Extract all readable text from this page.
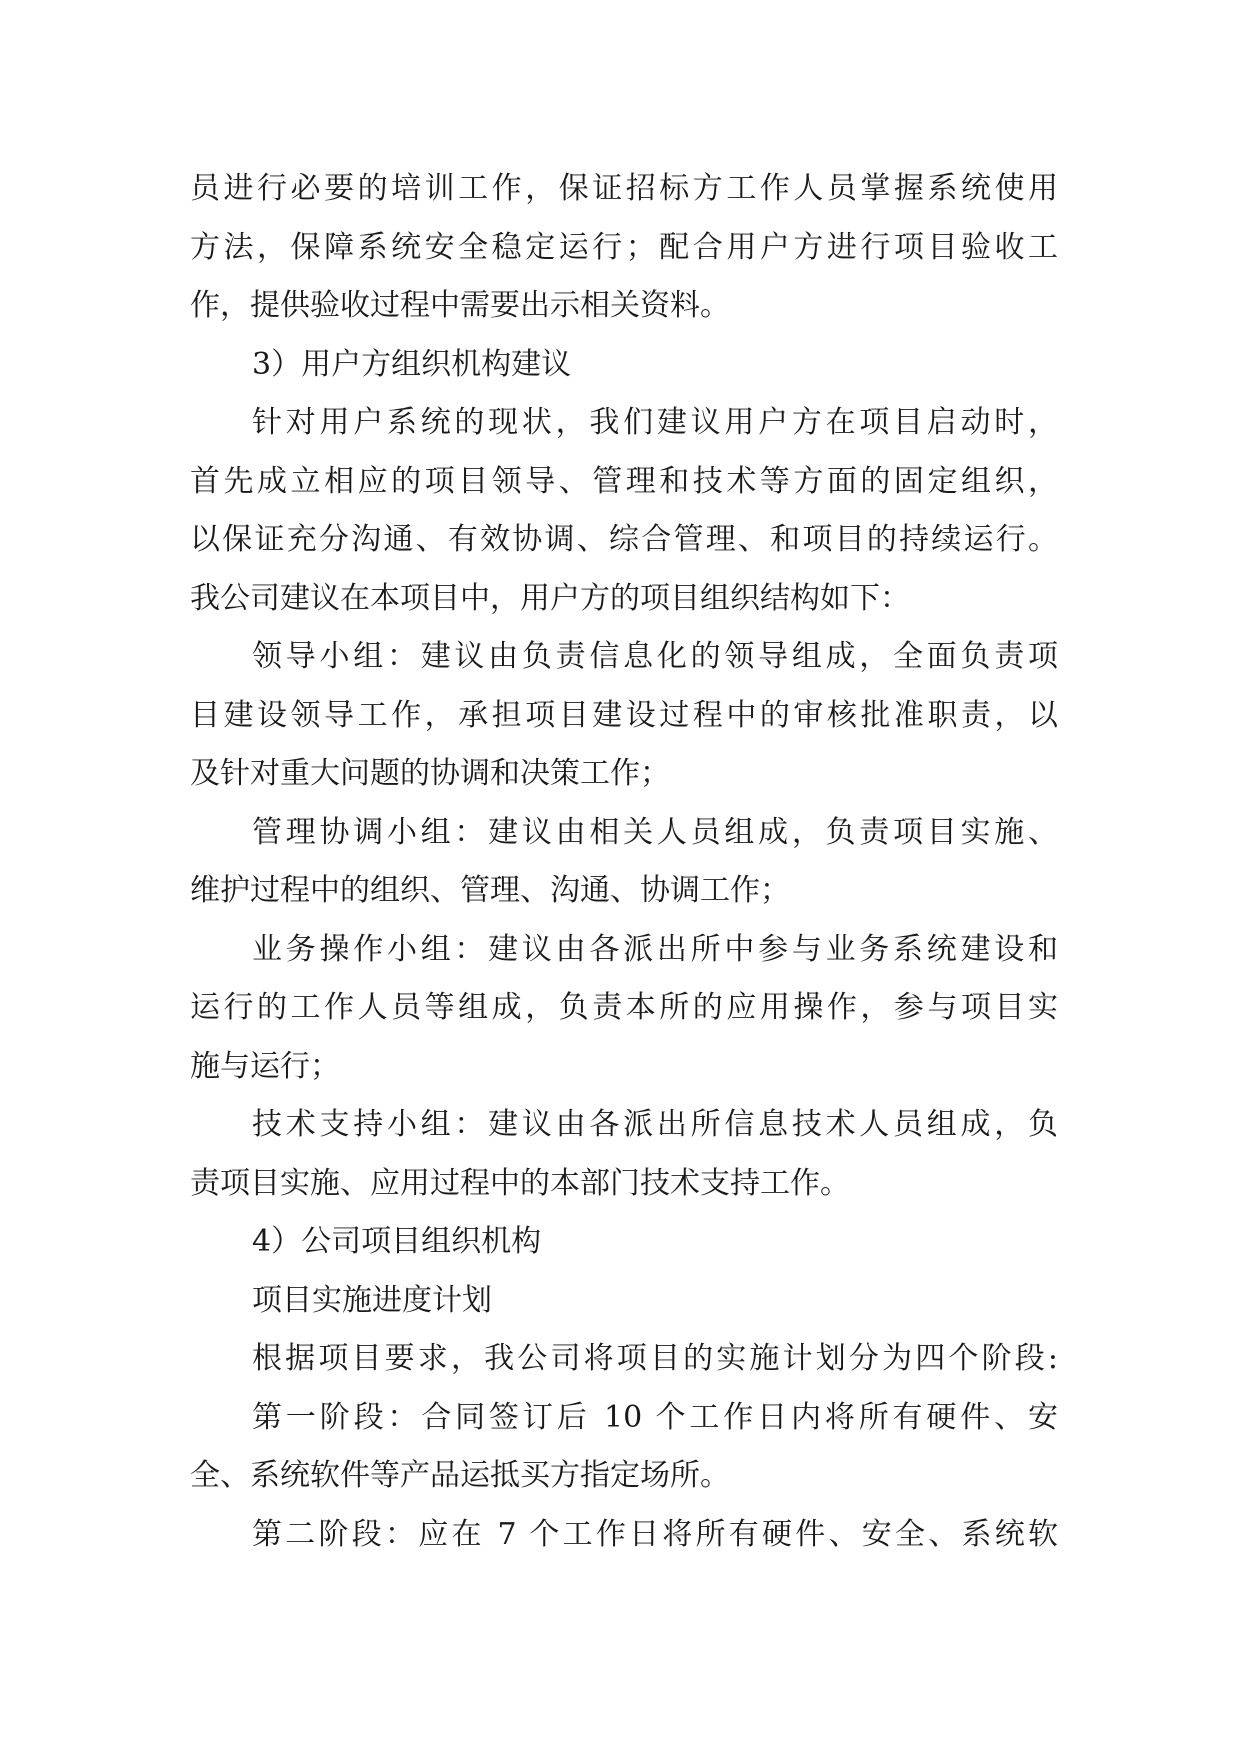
员进行必要的培训工作，保证招标方工作人员掌握系统使用
方法，保障系统安全稳定运行；配合用户方进行项目验收工
作，提供验收过程中需要出示相关资料。
3）用户方组织机构建议
针对用户系统的现状，我们建议用户方在项目启动时，
首先成立相应的项目领导、管理和技术等方面的固定组织，
以保证充分沟通、有效协调、综合管理、和项目的持续运行。
我公司建议在本项目中，用户方的项目组织结构如下：
领导小组：建议由负责信息化的领导组成，全面负责项
目建设领导工作，承担项目建设过程中的审核批准职责，以
及针对重大问题的协调和决策工作；
管理协调小组：建议由相关人员组成，负责项目实施、
维护过程中的组织、管理、沟通、协调工作；
业务操作小组：建议由各派出所中参与业务系统建设和
运行的工作人员等组成，负责本所的应用操作，参与项目实
施与运行；
技术支持小组：建议由各派出所信息技术人员组成，负
责项目实施、应用过程中的本部门技术支持工作。
4）公司项目组织机构
项目实施进度计划
根据项目要求，我公司将项目的实施计划分为四个阶段:
第一阶段：合同签订后 10 个工作日内将所有硬件、安
全、系统软件等产品运抵买方指定场所。
第二阶段：应在 7 个工作日将所有硬件、安全、系统软
